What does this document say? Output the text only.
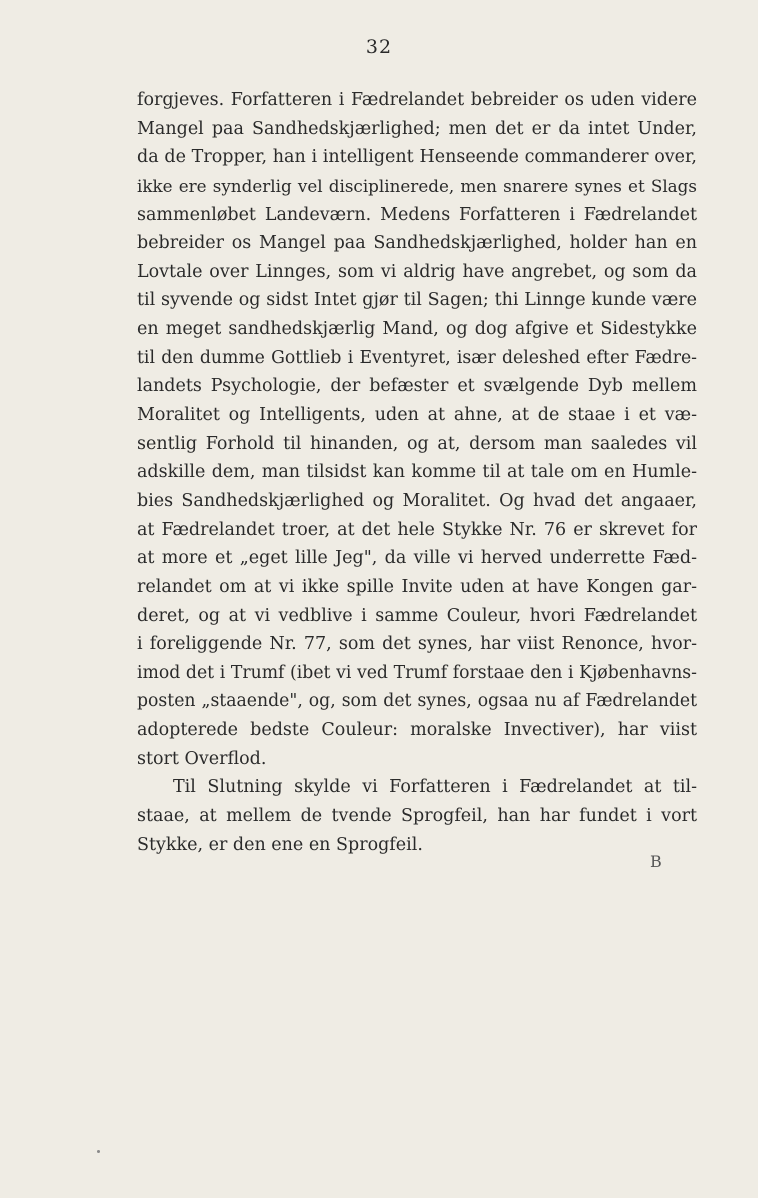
32
forgjeves. Forfatteren i Fædrelandet bebreider os uden videre
Mangel paa Sandhedskjærlighed; men det er da intet Under,
da de Tropper, han i intelligent Henseende commanderer over,
ikke ere synderlig vel disciplinerede, men snarere synes et Slags
sammenløbet Landeværn. Medens Forfatteren i Fædrelandet
bebreider os Mangel paa Sandhedskjærlighed, holder han en
Lovtale over Linnges, som vi aldrig have angrebet, og som da
til syvende og sidst Intet gjør til Sagen; thi Linnge kunde være
en meget sandhedskjærlig Mand, og dog afgive et Sidestykke
til den dumme Gottlieb i Eventyret, især deleshed efter Fædre-
landets Psychologie, der befæster et svælgende Dyb mellem
Moralitet og Intelligents, uden at ahne, at de staae i et væ-
sentlig Forhold til hinanden, og at, dersom man saaledes vil
adskille dem, man tilsidst kan komme til at tale om en Humle-
bies Sandhedskjærlighed og Moralitet. Og hvad det angaaer,
at Fædrelandet troer, at det hele Stykke Nr. 76 er skrevet for
at more et „eget lille Jeg", da ville vi herved underrette Fæd-
relandet om at vi ikke spille Invite uden at have Kongen gar-
deret, og at vi vedblive i samme Couleur, hvori Fædrelandet
i foreliggende Nr. 77, som det synes, har viist Renonce, hvor-
imod det i Trumf (ibet vi ved Trumf forstaae den i Kjøbenhavns-
posten „staaende", og, som det synes, ogsaa nu af Fædrelandet
adopterede bedste Couleur: moralske Invectiver), har viist
stort Overflod.
Til Slutning skylde vi Forfatteren i Fædrelandet at til-
staae, at mellem de tvende Sprogfeil, han har fundet i vort
Stykke, er den ene en Sprogfeil.
B
